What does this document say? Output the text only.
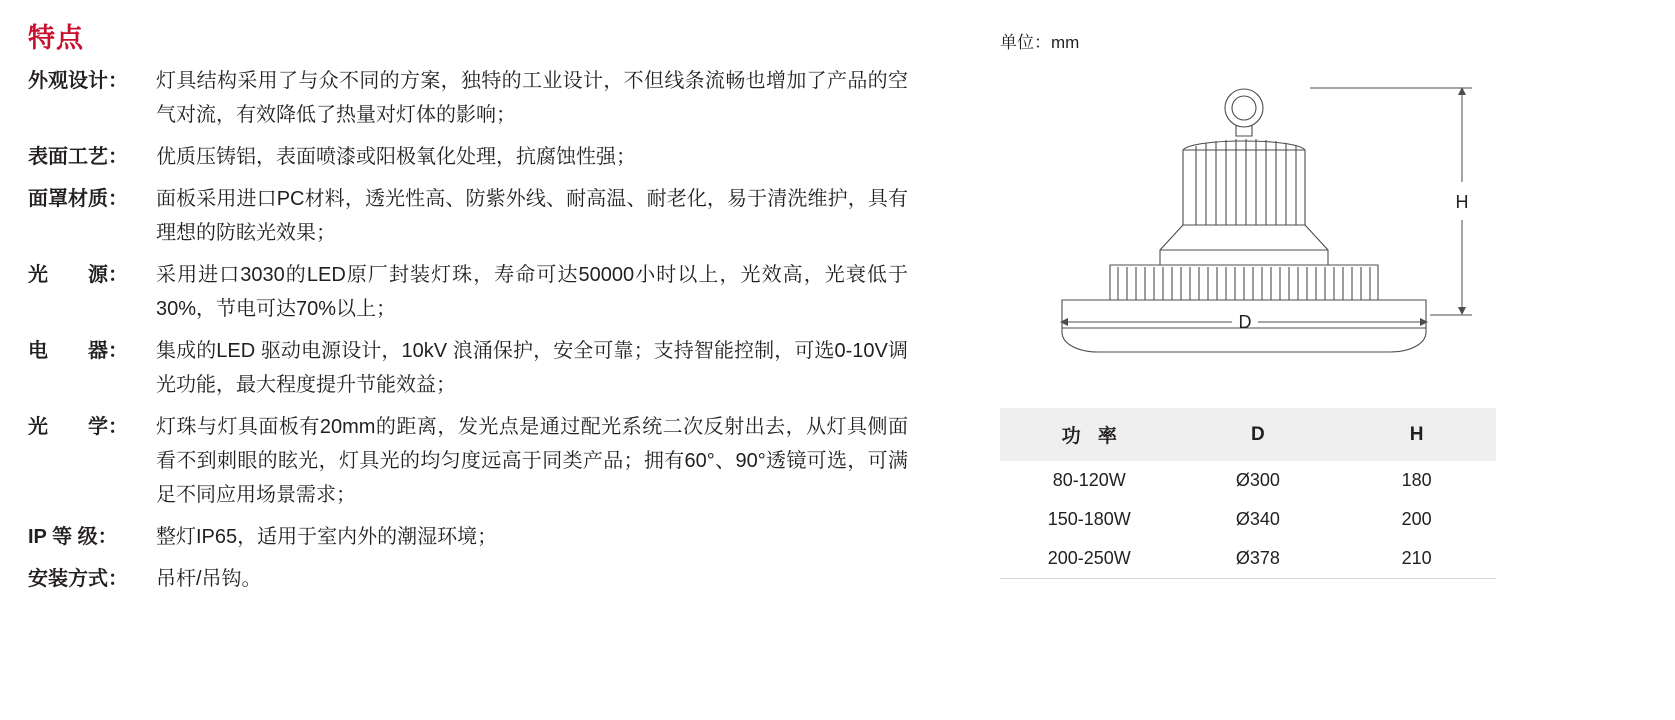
特点
外观设计：	灯具结构采用了与众不同的方案，独特的工业设计，不但线条流畅也增加了产品的空气对流，有效降低了热量对灯体的影响；
表面工艺：	优质压铸铝，表面喷漆或阳极氧化处理，抗腐蚀性强；
面罩材质：	面板采用进口PC材料，透光性高、防紫外线、耐高温、耐老化，易于清洗维护，具有理想的防眩光效果；
光　　源：	采用进口3030的LED原厂封装灯珠，寿命可达50000小时以上，光效高，光衰低于30%，节电可达70%以上；
电　　器：	集成的LED 驱动电源设计，10kV 浪涌保护，安全可靠；支持智能控制，可选0-10V调光功能，最大程度提升节能效益；
光　　学：	灯珠与灯具面板有20mm的距离，发光点是通过配光系统二次反射出去，从灯具侧面看不到刺眼的眩光，灯具光的均匀度远高于同类产品；拥有60°、90°透镜可选，可满足不同应用场景需求；
IP 等 级：	整灯IP65，适用于室内外的潮湿环境；
安装方式：	吊杆/吊钩。
单位：mm
H
D
功 率	D	H
80-120W	Ø300	180
150-180W	Ø340	200
200-250W	Ø378	210
